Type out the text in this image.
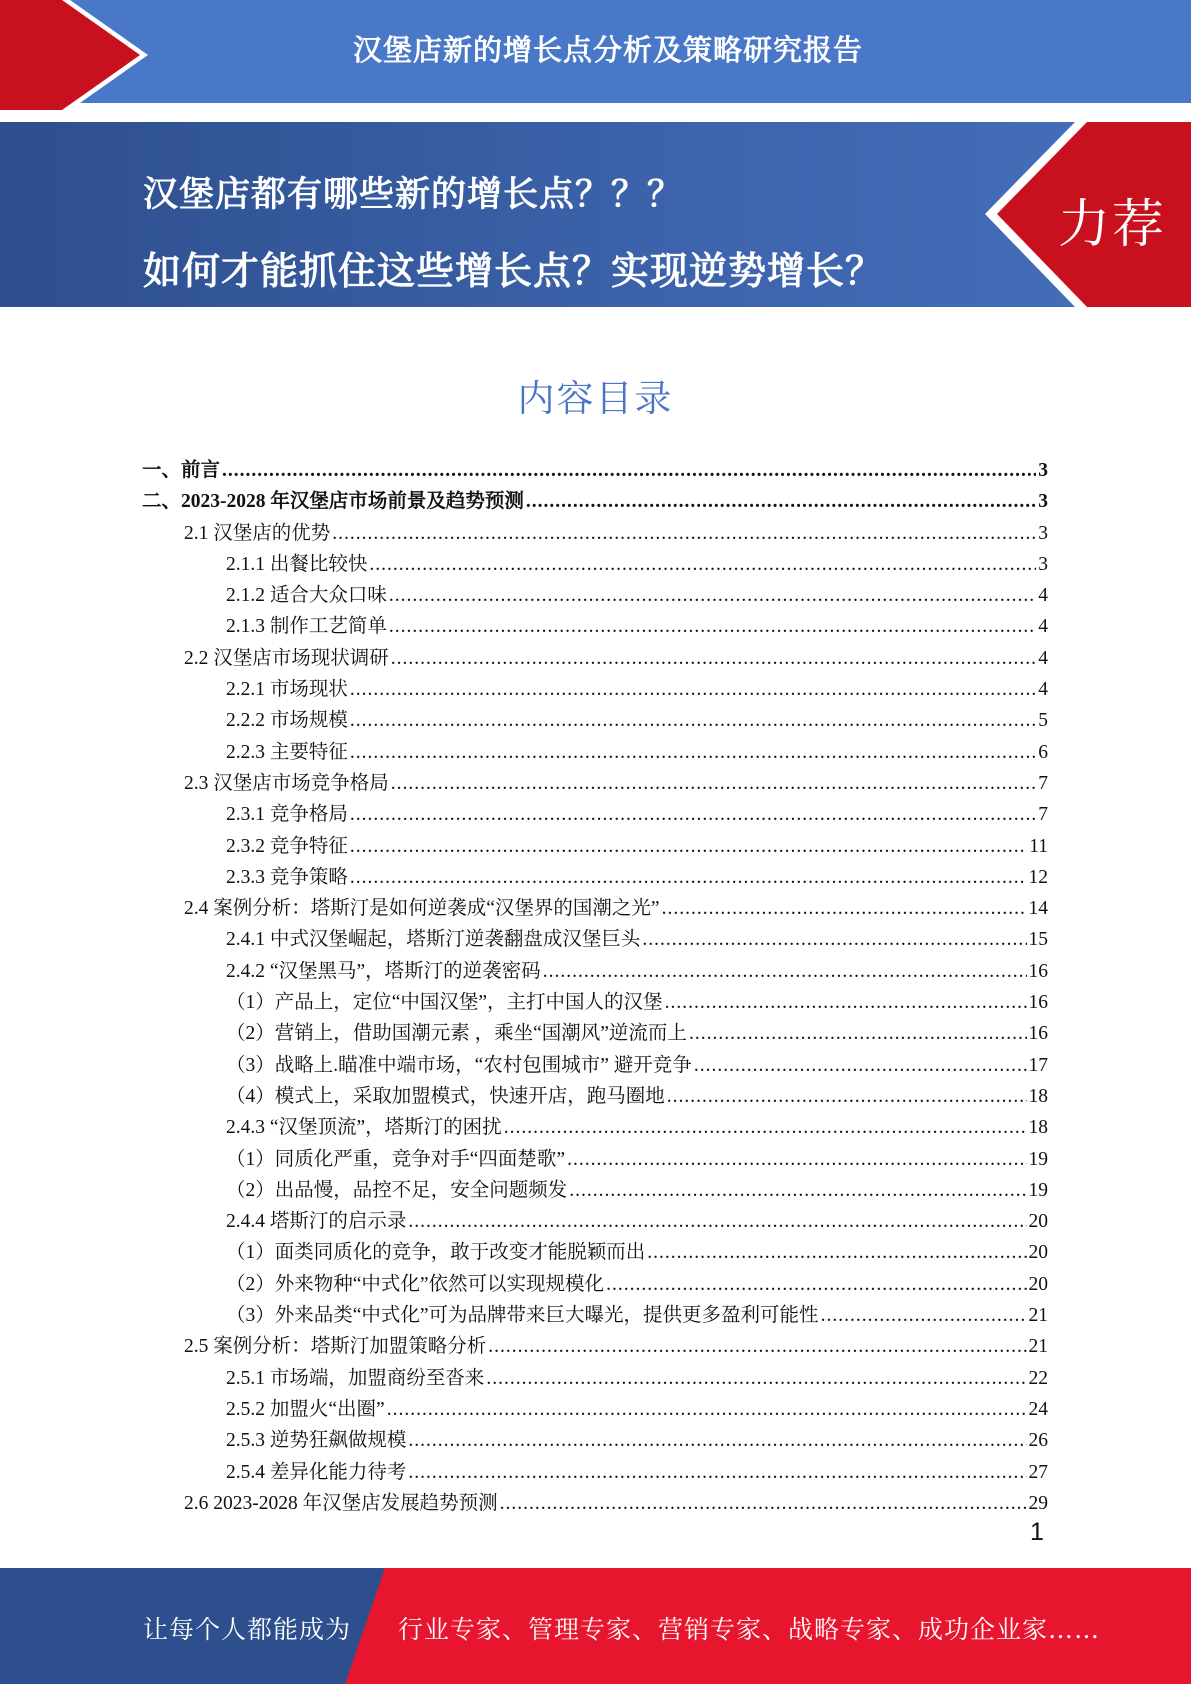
汉堡店新的增长点分析及策略研究报告
汉堡店都有哪些新的增长点？？？
如何才能抓住这些增长点？实现逆势增长？
力荐
内容目录
一、前言 .....	3
二、2023-2028 年汉堡店市场前景及趋势预测 .....	3
2.1 汉堡店的优势 .....	3
2.1.1 出餐比较快 .....	3
2.1.2 适合大众口味 .....	4
2.1.3 制作工艺简单 .....	4
2.2 汉堡店市场现状调研 .....	4
2.2.1 市场现状 .....	4
2.2.2 市场规模 .....	5
2.2.3 主要特征 .....	6
2.3 汉堡店市场竞争格局 .....	7
2.3.1 竞争格局 .....	7
2.3.2 竞争特征 .....	11
2.3.3 竞争策略 .....	12
2.4 案例分析：塔斯汀是如何逆袭成“汉堡界的国潮之光” .....	14
2.4.1 中式汉堡崛起，塔斯汀逆袭翻盘成汉堡巨头 .....	15
2.4.2 “汉堡黑马”，塔斯汀的逆袭密码 .....	16
（1）产品上，定位“中国汉堡”，主打中国人的汉堡 .....	16
（2）营销上，借助国潮元素 ，乘坐“国潮风”逆流而上 .....	16
（3）战略上.瞄准中端市场，“农村包围城市” 避开竞争 .....	17
（4）模式上，采取加盟模式，快速开店，跑马圈地 .....	18
2.4.3 “汉堡顶流”，塔斯汀的困扰 .....	18
（1）同质化严重，竞争对手“四面楚歌” .....	19
（2）出品慢，品控不足，安全问题频发 .....	19
2.4.4 塔斯汀的启示录 .....	20
（1）面类同质化的竞争，敢于改变才能脱颖而出 .....	20
（2）外来物种“中式化”依然可以实现规模化 .....	20
（3）外来品类“中式化”可为品牌带来巨大曝光，提供更多盈利可能性 .....	21
2.5 案例分析：塔斯汀加盟策略分析 .....	21
2.5.1 市场端，加盟商纷至沓来 .....	22
2.5.2 加盟火“出圈” .....	24
2.5.3 逆势狂飙做规模 .....	26
2.5.4 差异化能力待考 .....	27
2.6 2023-2028 年汉堡店发展趋势预测 .....	29
1
让每个人都能成为 行业专家、管理专家、营销专家、战略专家、成功企业家……
